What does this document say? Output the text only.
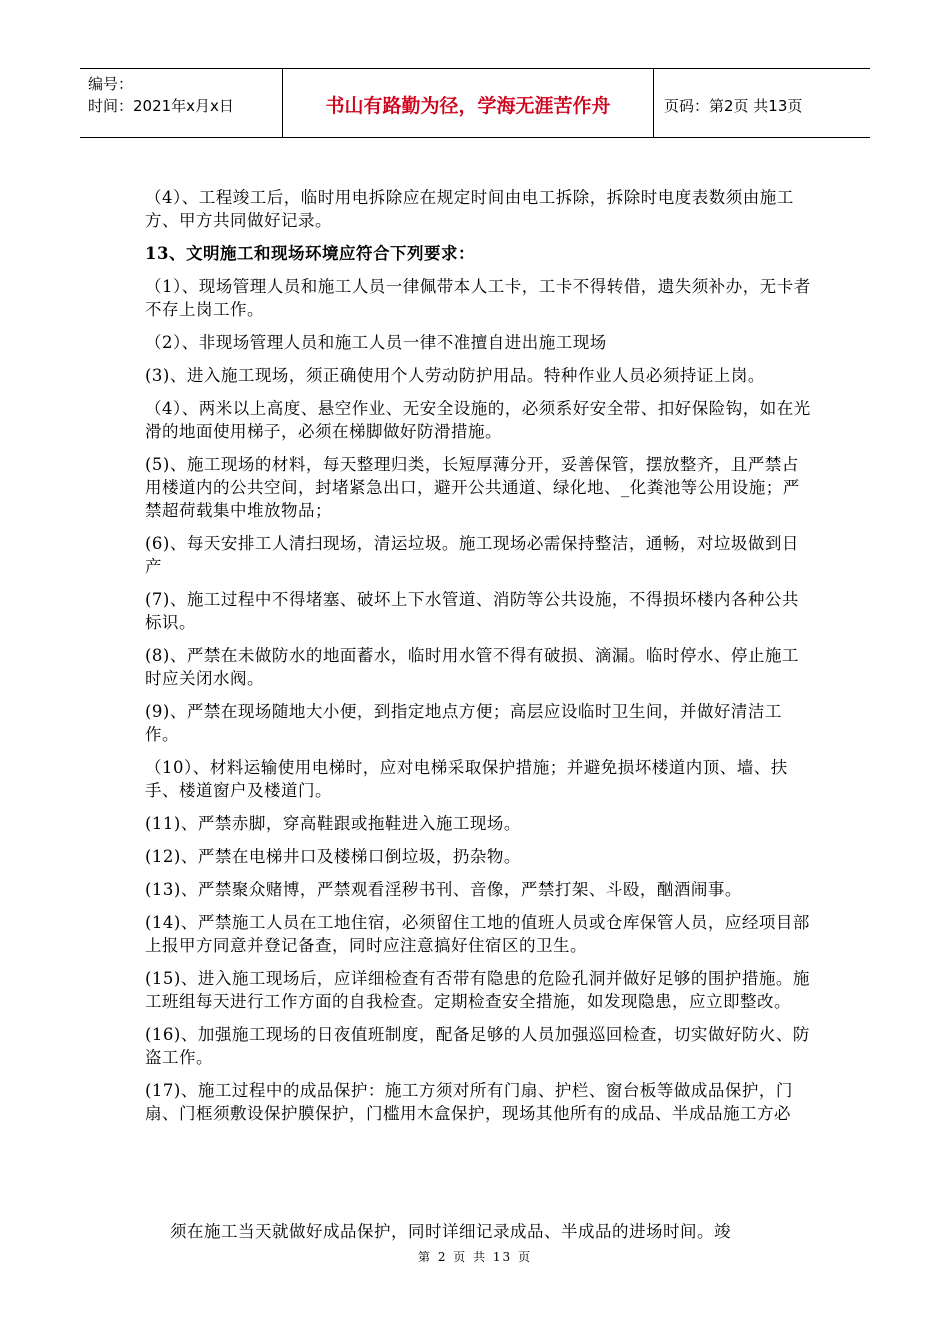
编号：
时间：2021年x月x日	书山有路勤为径，学海无涯苦作舟	页码：第2页 共13页

（4）、工程竣工后，临时用电拆除应在规定时间由电工拆除，拆除时电度表数须由施工方、甲方共同做好记录。

13、文明施工和现场环境应符合下列要求：

（1）、现场管理人员和施工人员一律佩带本人工卡，工卡不得转借，遗失须补办，无卡者不存上岗工作。

（2）、非现场管理人员和施工人员一律不准擅自进出施工现场

(3)、进入施工现场，须正确使用个人劳动防护用品。特种作业人员必须持证上岗。

（4）、两米以上高度、悬空作业、无安全设施的，必须系好安全带、扣好保险钩，如在光滑的地面使用梯子，必须在梯脚做好防滑措施。

(5)、施工现场的材料，每天整理归类，长短厚薄分开，妥善保管，摆放整齐，且严禁占用楼道内的公共空间，封堵紧急出口，避开公共通道、绿化地、_化粪池等公用设施；严禁超荷载集中堆放物品；

(6)、每天安排工人清扫现场，清运垃圾。施工现场必需保持整洁，通畅，对垃圾做到日产

(7)、施工过程中不得堵塞、破坏上下水管道、消防等公共设施，不得损坏楼内各种公共标识。

(8)、严禁在未做防水的地面蓄水，临时用水管不得有破损、滴漏。临时停水、停止施工时应关闭水阀。

(9)、严禁在现场随地大小便，到指定地点方便；高层应设临时卫生间，并做好清洁工作。

（10）、材料运输使用电梯时，应对电梯采取保护措施；并避免损坏楼道内顶、墙、扶手、楼道窗户及楼道门。

(11)、严禁赤脚，穿高鞋跟或拖鞋进入施工现场。

(12)、严禁在电梯井口及楼梯口倒垃圾，扔杂物。

(13)、严禁聚众赌博，严禁观看淫秽书刊、音像，严禁打架、斗殴，酗酒闹事。

(14)、严禁施工人员在工地住宿，必须留住工地的值班人员或仓库保管人员，应经项目部上报甲方同意并登记备查，同时应注意搞好住宿区的卫生。

(15)、进入施工现场后，应详细检查有否带有隐患的危险孔洞并做好足够的围护措施。施工班组每天进行工作方面的自我检查。定期检查安全措施，如发现隐患，应立即整改。

(16)、加强施工现场的日夜值班制度，配备足够的人员加强巡回检查，切实做好防火、防盗工作。

(17)、施工过程中的成品保护：施工方须对所有门扇、护栏、窗台板等做成品保护，门扇、门框须敷设保护膜保护，门槛用木盒保护，现场其他所有的成品、半成品施工方必

须在施工当天就做好成品保护，同时详细记录成品、半成品的进场时间。竣
第 2 页 共 13 页
